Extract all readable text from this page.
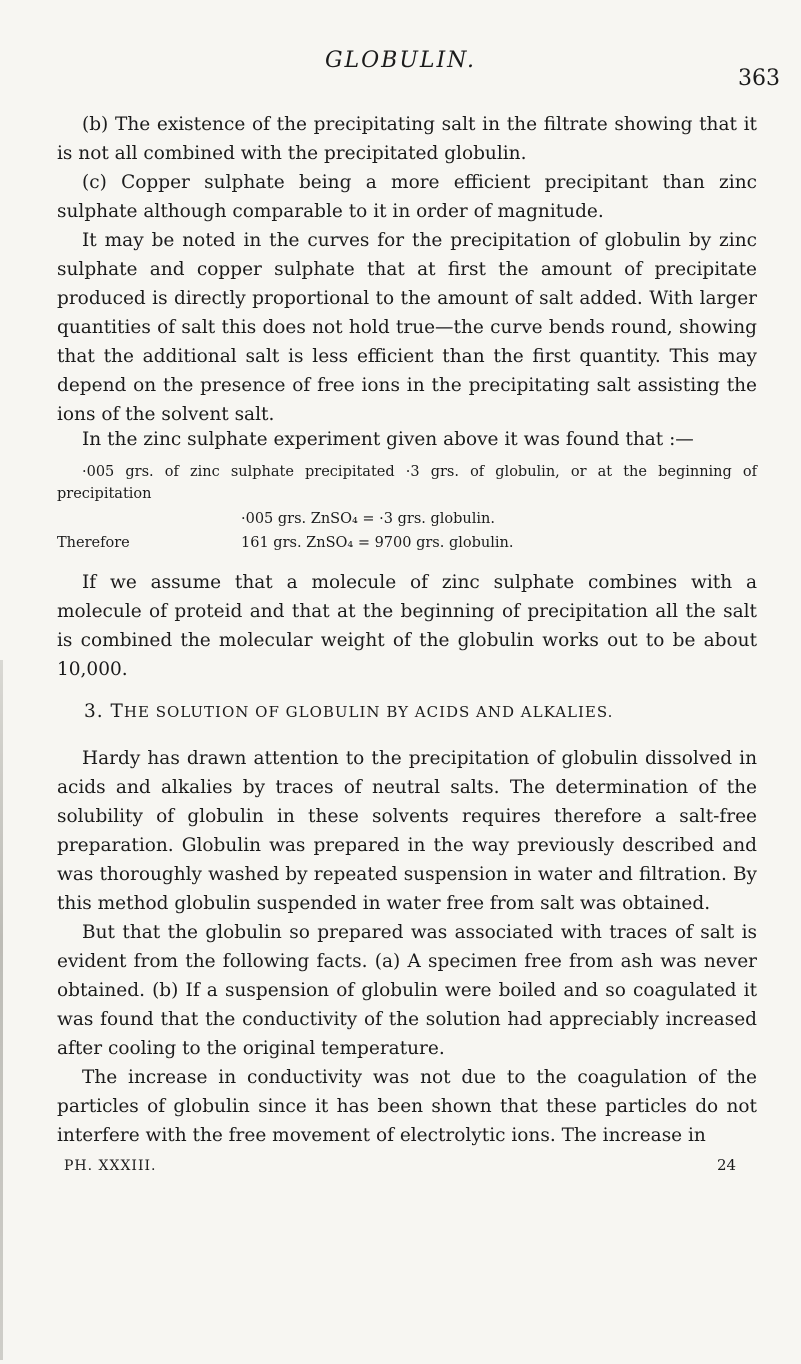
GLOBULIN.
363

(b) The existence of the precipitating salt in the filtrate showing that it is not all combined with the precipitated globulin.

(c) Copper sulphate being a more efficient precipitant than zinc sulphate although comparable to it in order of magnitude.

It may be noted in the curves for the precipitation of globulin by zinc sulphate and copper sulphate that at first the amount of precipitate produced is directly proportional to the amount of salt added. With larger quantities of salt this does not hold true—the curve bends round, showing that the additional salt is less efficient than the first quantity. This may depend on the presence of free ions in the precipitating salt assisting the ions of the solvent salt.

In the zinc sulphate experiment given above it was found that :—

·005 grs. of zinc sulphate precipitated ·3 grs. of globulin, or at the beginning of precipitation

·005 grs. ZnSO₄ = ·3 grs. globulin.
Therefore	161 grs. ZnSO₄ = 9700 grs. globulin.

If we assume that a molecule of zinc sulphate combines with a molecule of proteid and that at the beginning of precipitation all the salt is combined the molecular weight of the globulin works out to be about 10,000.

3. THE SOLUTION OF GLOBULIN BY ACIDS AND ALKALIES.

Hardy has drawn attention to the precipitation of globulin dissolved in acids and alkalies by traces of neutral salts. The determination of the solubility of globulin in these solvents requires therefore a salt-free preparation. Globulin was prepared in the way previously described and was thoroughly washed by repeated suspension in water and filtration. By this method globulin suspended in water free from salt was obtained.

But that the globulin so prepared was associated with traces of salt is evident from the following facts. (a) A specimen free from ash was never obtained. (b) If a suspension of globulin were boiled and so coagulated it was found that the conductivity of the solution had appreciably increased after cooling to the original temperature.

The increase in conductivity was not due to the coagulation of the particles of globulin since it has been shown that these particles do not interfere with the free movement of electrolytic ions. The increase in

PH. XXXIII.	24
